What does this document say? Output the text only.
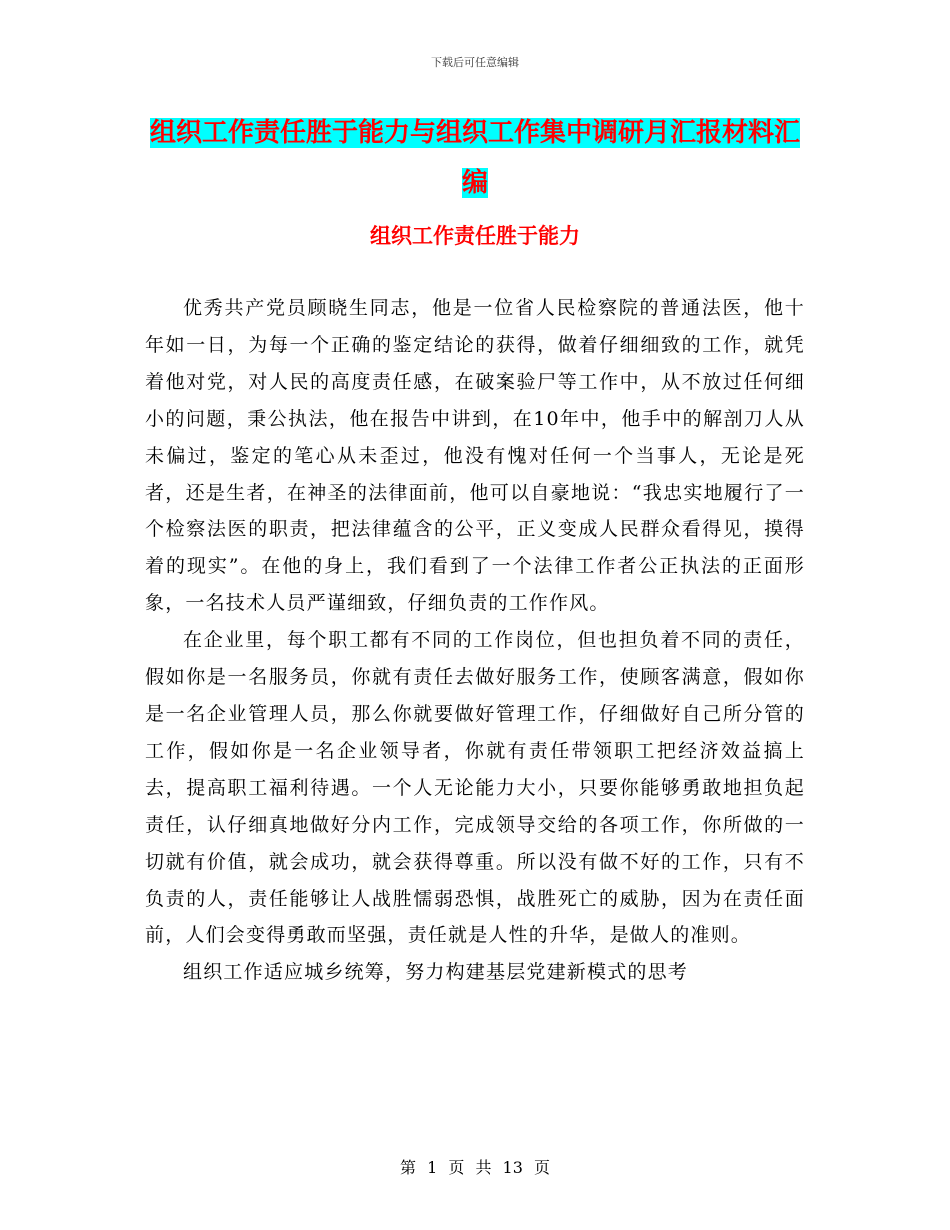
下载后可任意编辑
组织工作责任胜于能力与组织工作集中调研月汇报材料汇编
组织工作责任胜于能力

优秀共产党员顾晓生同志，他是一位省人民检察院的普通法医，他十年如一日，为每一个正确的鉴定结论的获得，做着仔细细致的工作，就凭着他对党，对人民的高度责任感，在破案验尸等工作中，从不放过任何细小的问题，秉公执法，他在报告中讲到，在10年中，他手中的解剖刀人从未偏过，鉴定的笔心从未歪过，他没有愧对任何一个当事人，无论是死者，还是生者，在神圣的法律面前，他可以自豪地说：“我忠实地履行了一个检察法医的职责，把法律蕴含的公平，正义变成人民群众看得见，摸得着的现实”。在他的身上，我们看到了一个法律工作者公正执法的正面形象，一名技术人员严谨细致，仔细负责的工作作风。

在企业里，每个职工都有不同的工作岗位，但也担负着不同的责任，假如你是一名服务员，你就有责任去做好服务工作，使顾客满意，假如你是一名企业管理人员，那么你就要做好管理工作，仔细做好自己所分管的工作，假如你是一名企业领导者，你就有责任带领职工把经济效益搞上去，提高职工福利待遇。一个人无论能力大小，只要你能够勇敢地担负起责任，认仔细真地做好分内工作，完成领导交给的各项工作，你所做的一切就有价值，就会成功，就会获得尊重。所以没有做不好的工作，只有不负责的人，责任能够让人战胜懦弱恐惧，战胜死亡的威胁，因为在责任面前，人们会变得勇敢而坚强，责任就是人性的升华，是做人的准则。

组织工作适应城乡统筹，努力构建基层党建新模式的思考

第 1 页 共 13 页
